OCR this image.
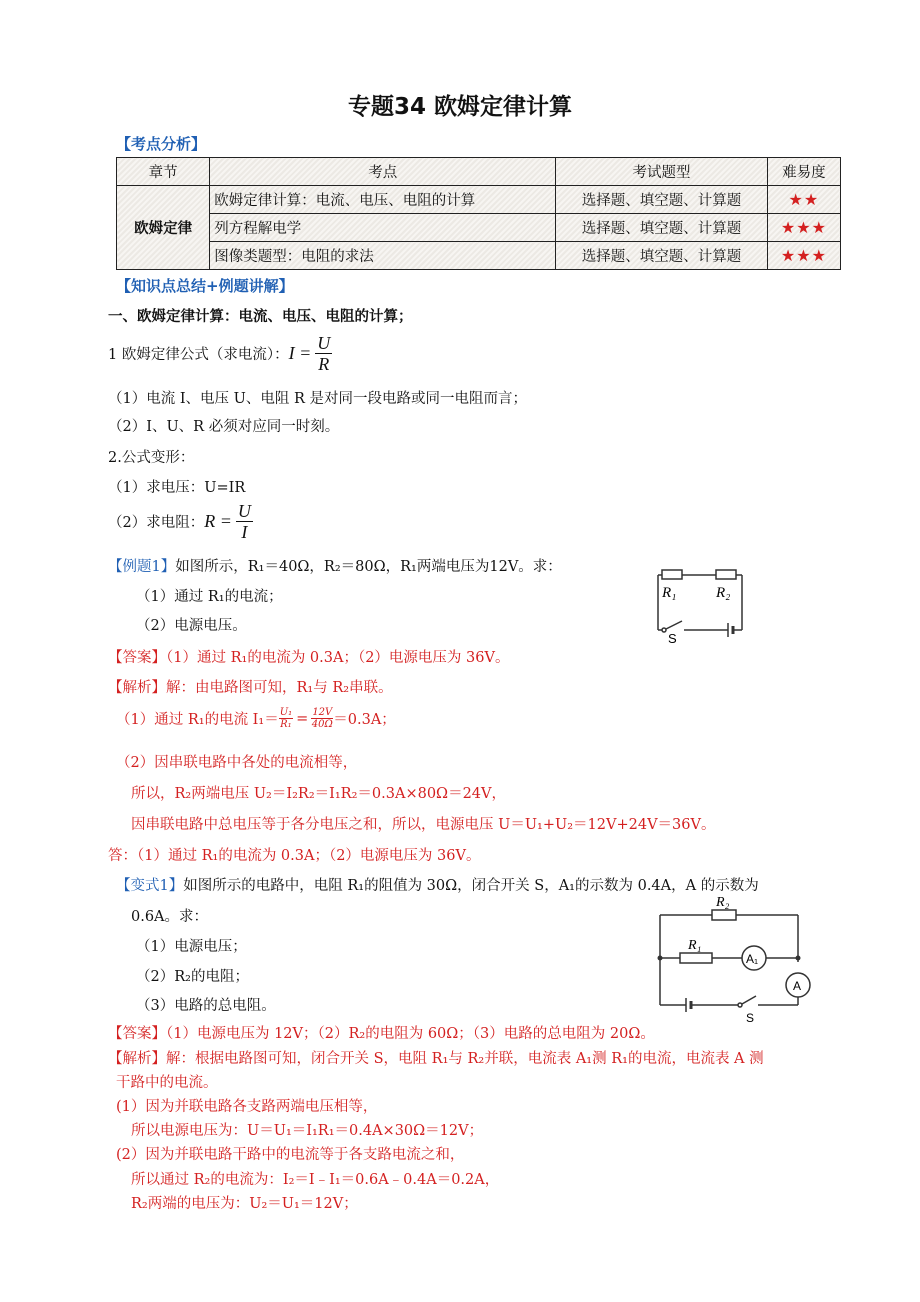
专题34 欧姆定律计算
【考点分析】
章节	考点	考试题型	难易度
欧姆定律	欧姆定律计算：电流、电压、电阻的计算	选择题、填空题、计算题	★★
	列方程解电学	选择题、填空题、计算题	★★★
	图像类题型：电阻的求法	选择题、填空题、计算题	★★★
【知识点总结+例题讲解】
一、欧姆定律计算：电流、电压、电阻的计算；
1 欧姆定律公式（求电流）： $I = \frac{U}{R}$
（1）电流 I、电压 U、电阻 R 是对同一段电路或同一电阻而言；
（2）I、U、R 必须对应同一时刻。
2.公式变形：
（1）求电压：U=IR
（2）求电阻： $R = \frac{U}{I}$
【例题1】如图所示，R₁＝40Ω，R₂＝80Ω，R₁两端电压为12V。求：
（1）通过 R₁的电流；
（2）电源电压。
R₁	R₂
S
【答案】（1）通过 R₁的电流为 0.3A；（2）电源电压为 36V。
【解析】解：由电路图可知，R₁与 R₂串联。
（1）通过 R₁的电流 $I_1= \frac{\text{U₁}}{\text{R₁}} = \frac{12V}{40\Omega} =0.3A$；
（2）因串联电路中各处的电流相等，
所以，R₂两端电压 U₂＝I₂R₂＝I₁R₂＝0.3A×80Ω＝24V，
因串联电路中总电压等于各分电压之和，所以，电源电压 U＝U₁+U₂＝12V+24V＝36V。
答：（1）通过 R₁的电流为 0.3A；（2）电源电压为 36V。
【变式1】如图所示的电路中，电阻 R₁的阻值为 30Ω，闭合开关 S，A₁的示数为 0.4A，A 的示数为
0.6A。求：
（1）电源电压；
（2）R₂的电阻；
（3）电路的总电阻。
R₂
R₁
A₁
A
S
【答案】（1）电源电压为 12V；（2）R₂的电阻为 60Ω；（3）电路的总电阻为 20Ω。
【解析】解：根据电路图可知，闭合开关 S，电阻 R₁与 R₂并联，电流表 A₁测 R₁的电流，电流表 A 测
干路中的电流。
(1）因为并联电路各支路两端电压相等，
所以电源电压为：U＝U₁＝I₁R₁＝0.4A×30Ω＝12V；
(2）因为并联电路干路中的电流等于各支路电流之和，
所以通过 R₂的电流为：I₂＝I﹣I₁＝0.6A﹣0.4A＝0.2A，
R₂两端的电压为：U₂＝U₁＝12V；
